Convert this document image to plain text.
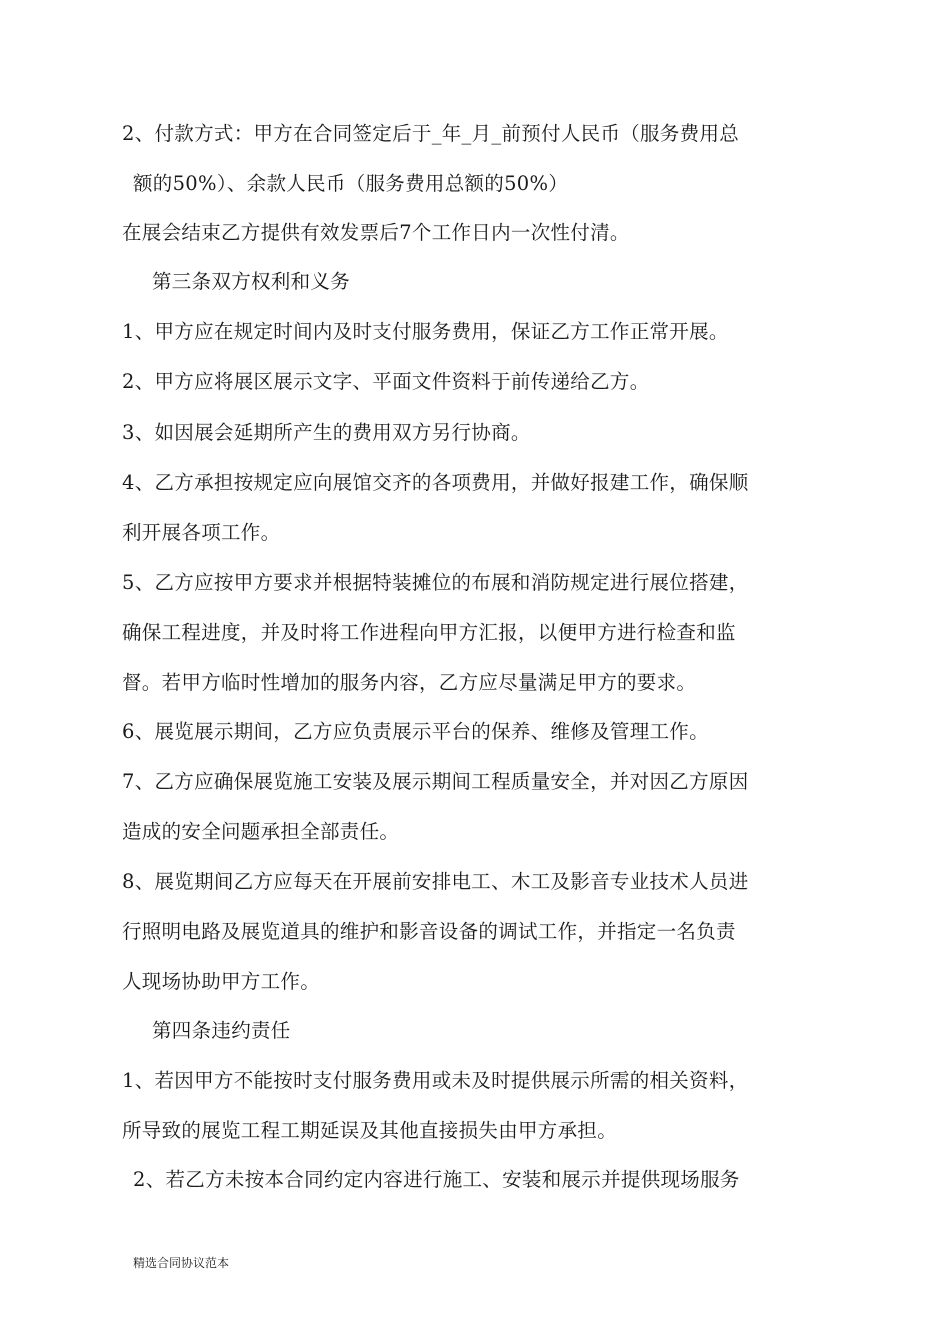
2、付款方式：甲方在合同签定后于_年_月_前预付人民币（服务费用总
额的50%）、余款人民币（服务费用总额的50%）
在展会结束乙方提供有效发票后7个工作日内一次性付清。
第三条双方权利和义务
1、甲方应在规定时间内及时支付服务费用，保证乙方工作正常开展。
2、甲方应将展区展示文字、平面文件资料于前传递给乙方。
3、如因展会延期所产生的费用双方另行协商。
4、乙方承担按规定应向展馆交齐的各项费用，并做好报建工作，确保顺
利开展各项工作。
5、乙方应按甲方要求并根据特装摊位的布展和消防规定进行展位搭建，
确保工程进度，并及时将工作进程向甲方汇报，以便甲方进行检查和监
督。若甲方临时性增加的服务内容，乙方应尽量满足甲方的要求。
6、展览展示期间，乙方应负责展示平台的保养、维修及管理工作。
7、乙方应确保展览施工安装及展示期间工程质量安全，并对因乙方原因
造成的安全问题承担全部责任。
8、展览期间乙方应每天在开展前安排电工、木工及影音专业技术人员进
行照明电路及展览道具的维护和影音设备的调试工作，并指定一名负责
人现场协助甲方工作。
第四条违约责任
1、若因甲方不能按时支付服务费用或未及时提供展示所需的相关资料，
所导致的展览工程工期延误及其他直接损失由甲方承担。
2、若乙方未按本合同约定内容进行施工、安装和展示并提供现场服务
精选合同协议范本
